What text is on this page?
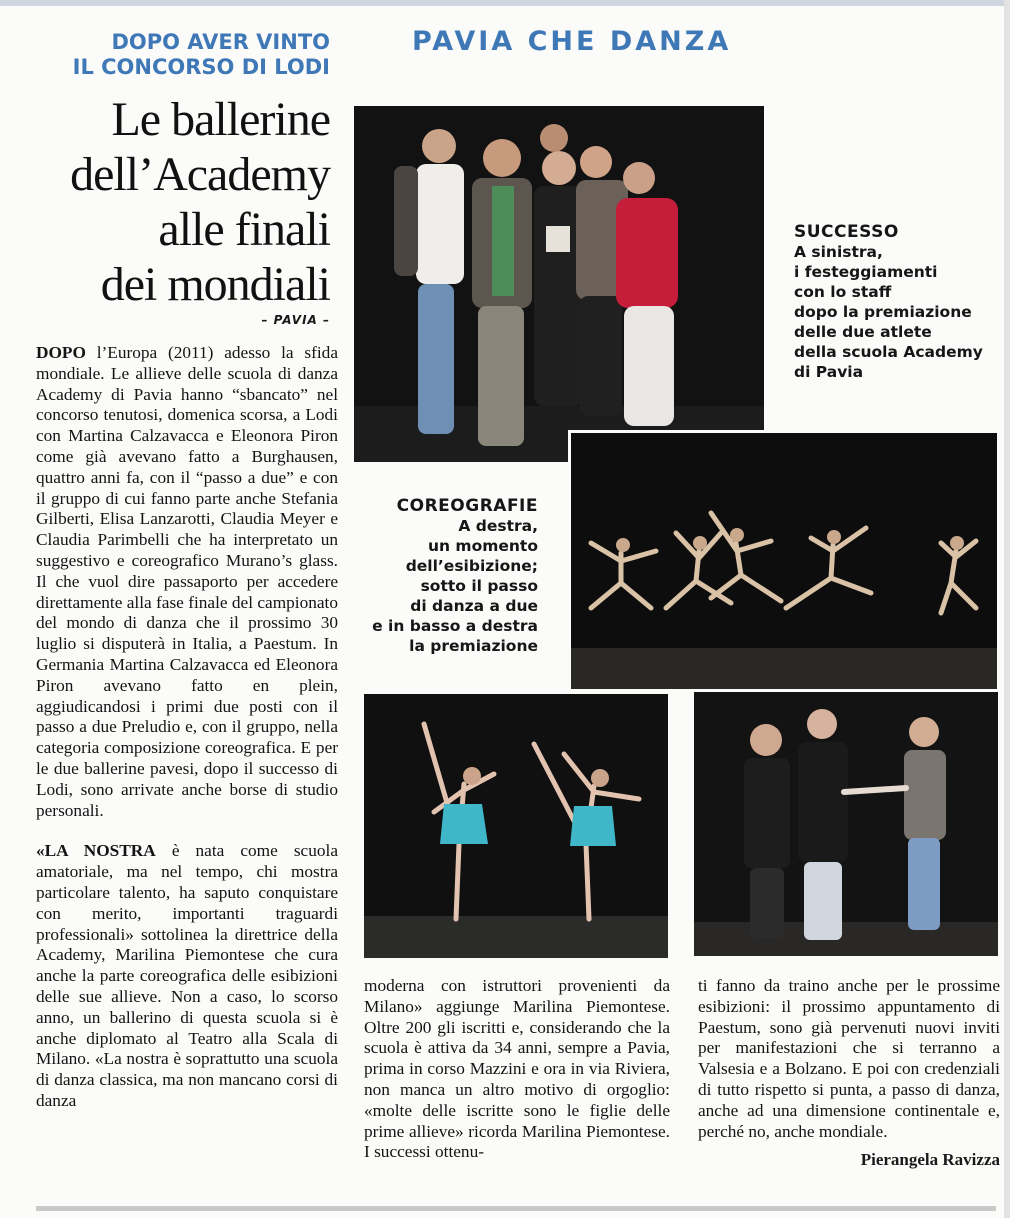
DOPO AVER VINTO
IL CONCORSO DI LODI
PAVIA CHE DANZA
Le ballerine
dell’Academy
alle finali
dei mondiali
– PAVIA –

DOPO l’Europa (2011) adesso la sfida mondiale. Le allieve delle scuola di danza Academy di Pavia hanno “sbancato” nel concorso tenutosi, domenica scorsa, a Lodi con Martina Calzavacca e Eleonora Piron come già avevano fatto a Burghausen, quattro anni fa, con il “passo a due” e con il gruppo di cui fanno parte anche Stefania Gilberti, Elisa Lanzarotti, Claudia Meyer e Claudia Parimbelli che ha interpretato un suggestivo e coreografico Murano’s glass. Il che vuol dire passaporto per accedere direttamente alla fase finale del campionato del mondo di danza che il prossimo 30 luglio si disputerà in Italia, a Paestum. In Germania Martina Calzavacca ed Eleonora Piron avevano fatto en plein, aggiudicandosi i primi due posti con il passo a due Preludio e, con il gruppo, nella categoria composizione coreografica. E per le due ballerine pavesi, dopo il successo di Lodi, sono arrivate anche borse di studio personali.

«LA NOSTRA è nata come scuola amatoriale, ma nel tempo, chi mostra particolare talento, ha saputo conquistare con merito, importanti traguardi professionali» sottolinea la direttrice della Academy, Marilina Piemontese che cura anche la parte coreografica delle esibizioni delle sue allieve. Non a caso, lo scorso anno, un ballerino di questa scuola si è anche diplomato al Teatro alla Scala di Milano. «La nostra è soprattutto una scuola di danza classica, ma non mancano corsi di danza

moderna con istruttori provenienti da Milano» aggiunge Marilina Piemontese. Oltre 200 gli iscritti e, considerando che la scuola è attiva da 34 anni, sempre a Pavia, prima in corso Mazzini e ora in via Riviera, non manca un altro motivo di orgoglio: «molte delle iscritte sono le figlie delle prime allieve» ricorda Marilina Piemontese. I successi ottenu-

ti fanno da traino anche per le prossime esibizioni: il prossimo appuntamento di Paestum, sono già pervenuti nuovi inviti per manifestazioni che si terranno a Valsesia e a Bolzano. E poi con credenziali di tutto rispetto si punta, a passo di danza, anche ad una dimensione continentale e, perché no, anche mondiale.

Pierangela Ravizza
SUCCESSO
A sinistra,
i festeggiamenti
con lo staff
dopo la premiazione
delle due atlete
della scuola Academy
di Pavia
COREOGRAFIE
A destra,
un momento
dell’esibizione;
sotto il passo
di danza a due
e in basso a destra
la premiazione
